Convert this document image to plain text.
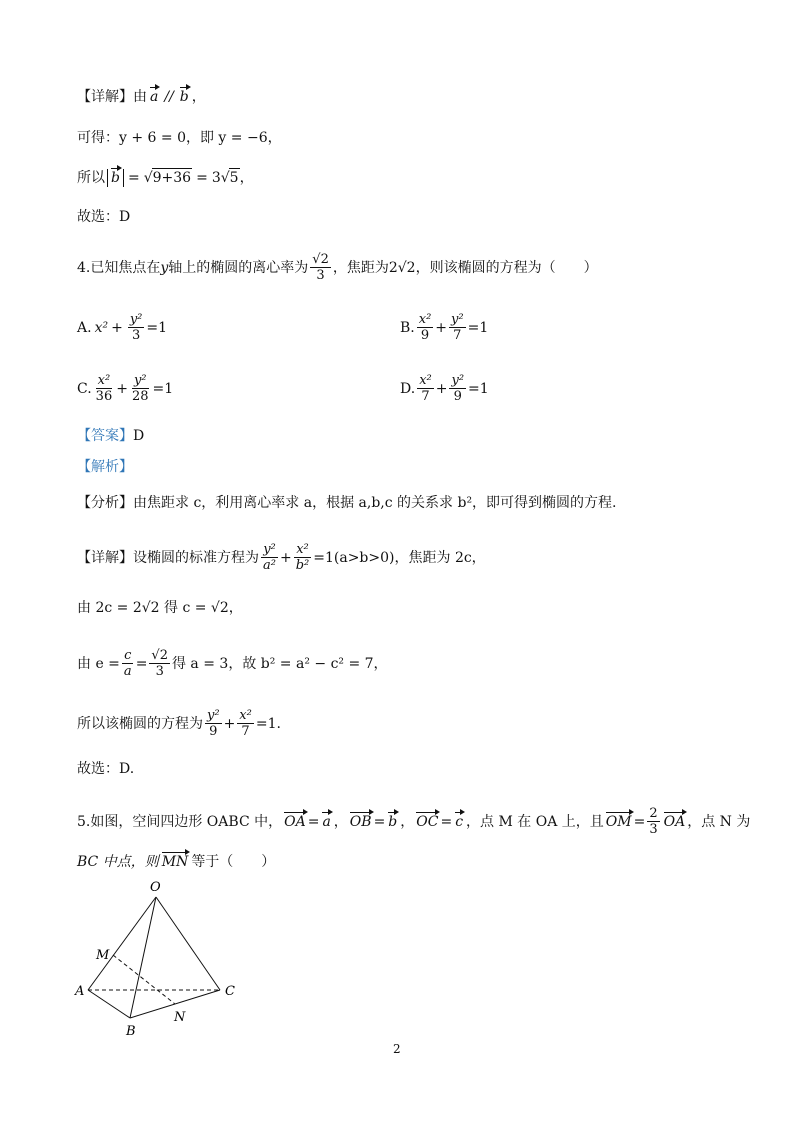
【详解】 由 a // b ，
可得：y + 6 = 0，即 y = −6，
所以 b = √ 9+36 = 3√ 5 ，
故选：D
4.已知焦点在 y 轴上的椭圆的离心率为 $\frac{√2}{3}$ ，焦距为 2√2 ，则该椭圆的方程为（　　）
A. $x^2 + \frac{\text{y²}}{3} =1$	B. $\frac{\text{x²}}{9} + \frac{\text{y²}}{7} =1$
C. $\frac{\text{x²}}{36} + \frac{\text{y²}}{28} =1$	D. $\frac{\text{x²}}{7} + \frac{\text{y²}}{9} =1$
【答案】 D
【解析】
【分析】由焦距求 c，利用离心率求 a，根据 a,b,c 的关系求 b²，即可得到椭圆的方程.
【详解】 设椭圆的标准方程为 $\frac{\text{y²}}{\text{a²}} + \frac{\text{x²}}{\text{b²}} =1(a>b>0)$，焦距为 2c，
由 2c = 2√2 得 c = √2，
由 $e = \frac{c}{a} = \frac{√2}{3}$ 得 a = 3，故 b² = a² − c² = 7，
所以该椭圆的方程为 $\frac{\text{y²}}{9} + \frac{\text{x²}}{7} =1$.
故选：D.
5.如图，空间四边形 OABC 中， OA = a ， OB = b ， OC = c ，点 M 在 OA 上，且 OM = $\frac{2}{3}$ OA ，点 N 为
BC 中点，则 MN 等于（　　）
O
M
A	C
N
B
2
